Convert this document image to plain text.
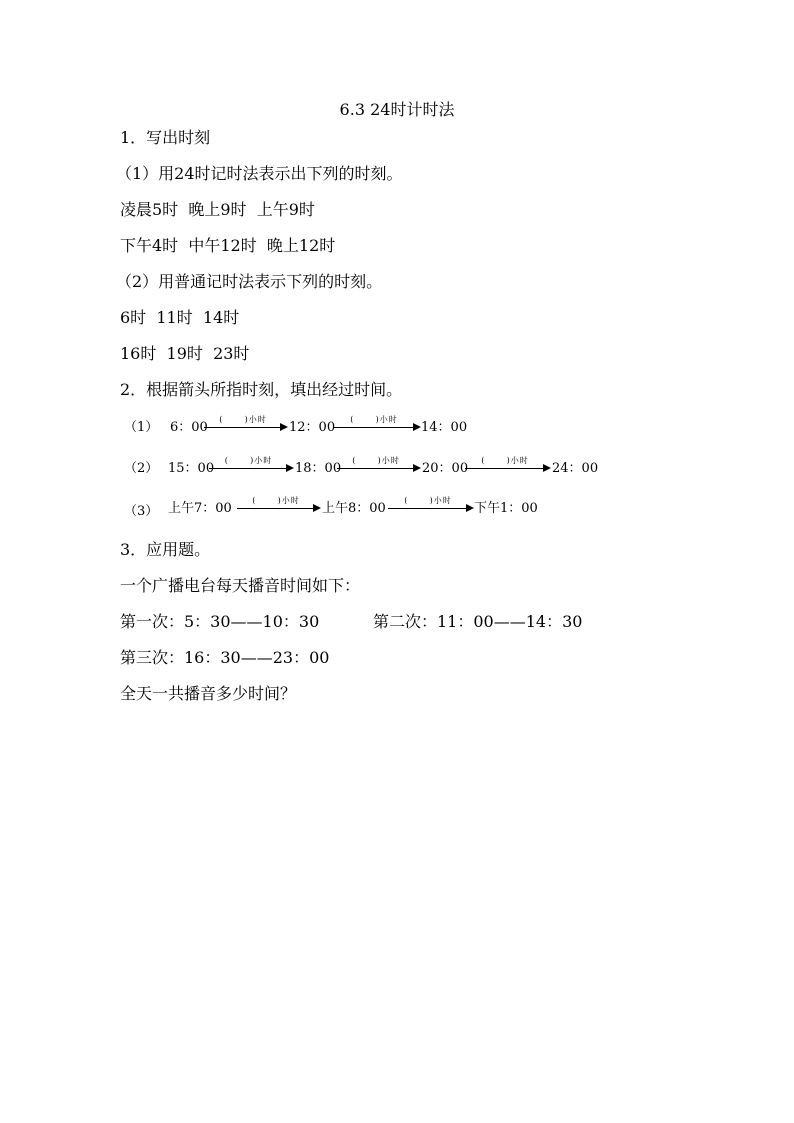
6.3 24时计时法
1．写出时刻
（1）用24时记时法表示出下列的时刻。
凌晨5时  晚上9时  上午9时
下午4时  中午12时  晚上12时
（2）用普通记时法表示下列的时刻。
6时  11时  14时
16时  19时  23时
2．根据箭头所指时刻，填出经过时间。
（1） 6：00
(      )小时
12：00
(      )小时
14：00
（2） 15：00
(      )小时
18：00
(      )小时
20：00
(      )小时
24：00
（3） 上午7：00
(      )小时
上午8：00
(      )小时
下午1：00
3．应用题。
一个广播电台每天播音时间如下：
第一次：5：30——10：30	第二次：11：00——14：30
第三次：16：30——23：00
全天一共播音多少时间？
